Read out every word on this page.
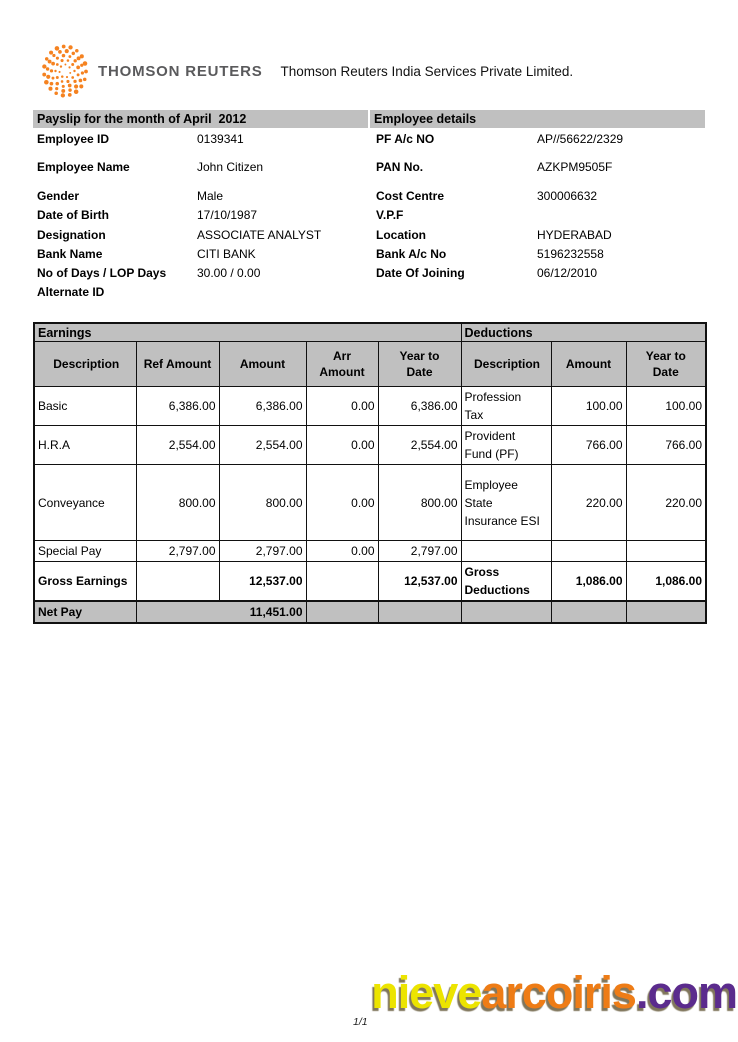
THOMSON REUTERS Thomson Reuters India Services Private Limited.
Payslip for the month of April  2012	Employee details
Employee ID	0139341	PF A/c NO	AP//56622/2329
Employee Name	John Citizen	PAN No.	AZKPM9505F
Gender	Male	Cost Centre	300006632
Date of Birth	17/10/1987	V.P.F
Designation	ASSOCIATE ANALYST	Location	HYDERABAD
Bank Name	CITI BANK	Bank A/c No	5196232558
No of Days / LOP Days	30.00 / 0.00	Date Of Joining	06/12/2010
Alternate ID
Earnings					Deductions		
Description	Ref Amount	Amount	Arr Amount	Year to Date	Description	Amount	Year to Date
Basic	6,386.00	6,386.00	0.00	6,386.00	Profession Tax	100.00	100.00
H.R.A	2,554.00	2,554.00	0.00	2,554.00	Provident Fund (PF)	766.00	766.00
Conveyance	800.00	800.00	0.00	800.00	Employee State Insurance ESI	220.00	220.00
Special Pay	2,797.00	2,797.00	0.00	2,797.00			
Gross Earnings		12,537.00		12,537.00	Gross Deductions	1,086.00	1,086.00
Net Pay	11,451.00						
nievearcoiris.com
1/1
